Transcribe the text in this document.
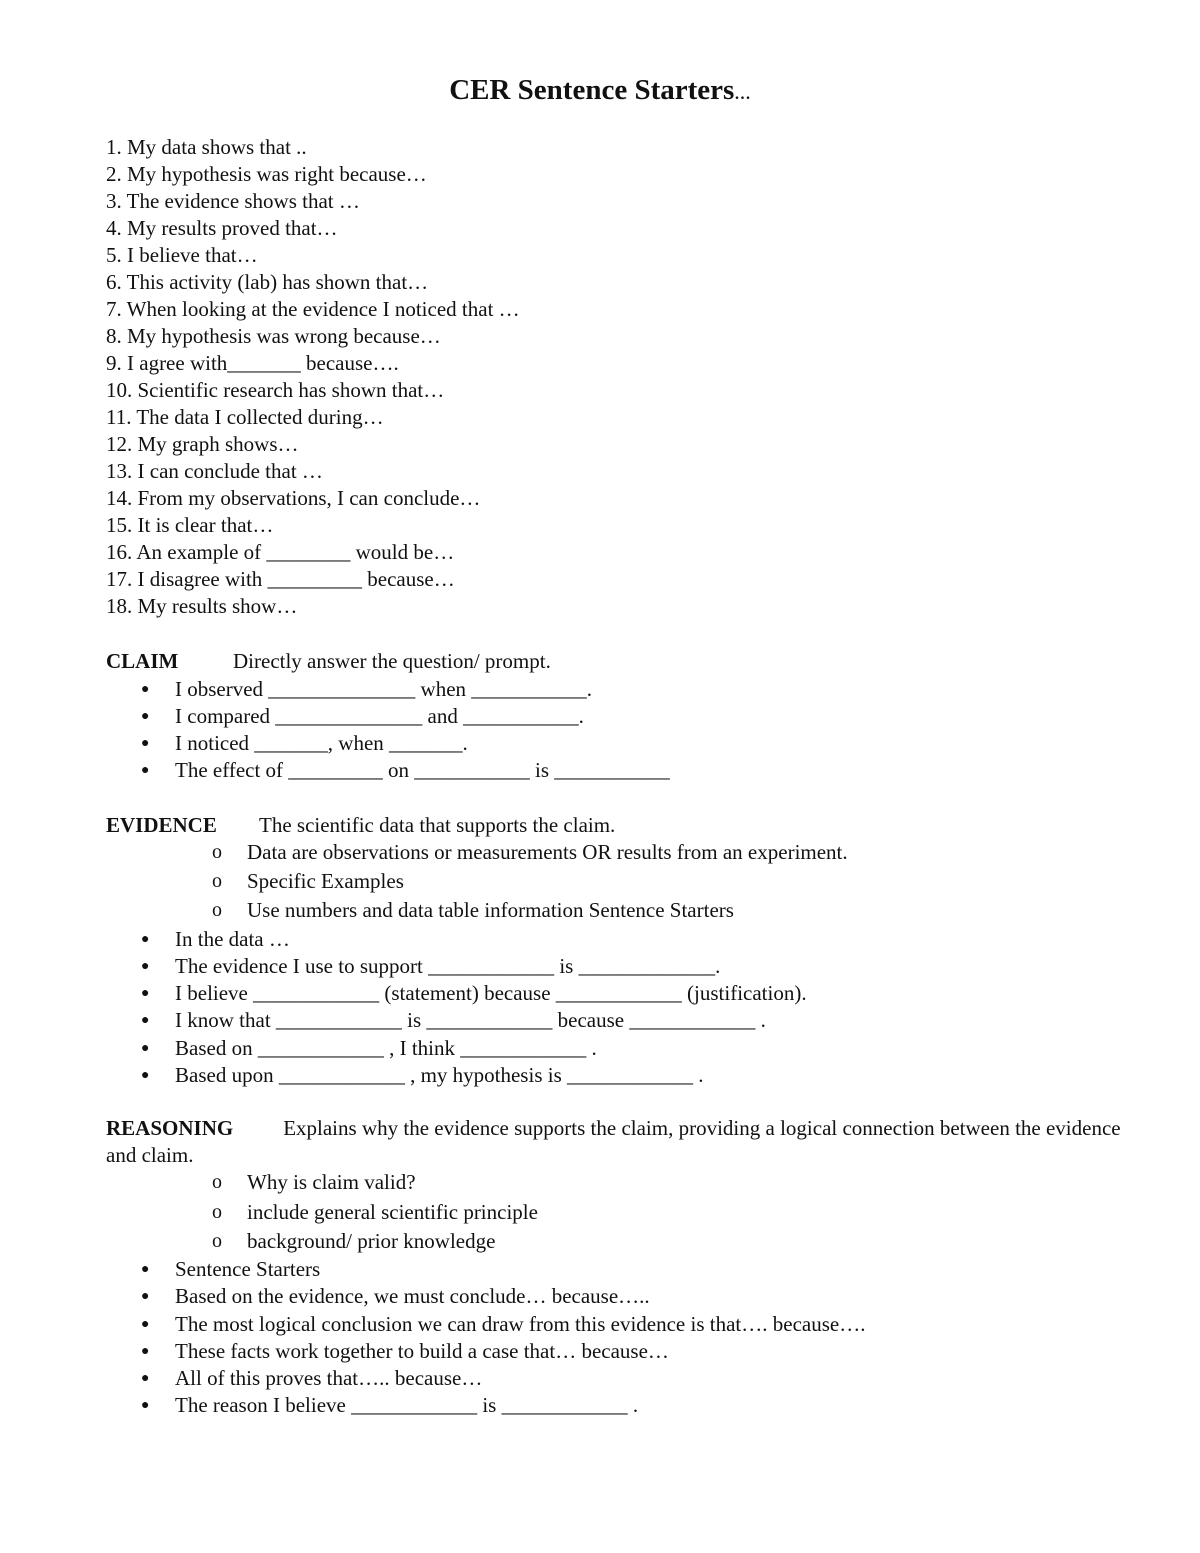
CER Sentence Starters...
1. My data shows that ..
2. My hypothesis was right because…
3. The evidence shows that …
4. My results proved that…
5. I believe that…
6. This activity (lab) has shown that…
7. When looking at the evidence I noticed that …
8. My hypothesis was wrong because…
9. I agree with_______ because….
10. Scientific research has shown that…
11. The data I collected during…
12. My graph shows…
13. I can conclude that …
14. From my observations, I can conclude…
15. It is clear that…
16. An example of ________ would be…
17. I disagree with _________ because…
18. My results show…
CLAIM	Directly answer the question/ prompt.
● I observed ______________ when ___________.
● I compared ______________ and ___________.
● I noticed _______, when _______.
● The effect of _________ on ___________ is ___________
EVIDENCE The scientific data that supports the claim.
o Data are observations or measurements OR results from an experiment.
o Specific Examples
o Use numbers and data table information Sentence Starters
● In the data …
● The evidence I use to support ____________ is _____________.
● I believe ____________ (statement) because ____________ (justification).
● I know that ____________ is ____________ because ____________ .
● Based on ____________ , I think ____________ .
● Based upon ____________ , my hypothesis is ____________ .
REASONING Explains why the evidence supports the claim, providing a logical connection between the evidence and claim.
o Why is claim valid?
o include general scientific principle
o background/ prior knowledge
● Sentence Starters
● Based on the evidence, we must conclude… because…..
● The most logical conclusion we can draw from this evidence is that…. because….
● These facts work together to build a case that… because…
● All of this proves that….. because…
● The reason I believe ____________ is ____________ .
